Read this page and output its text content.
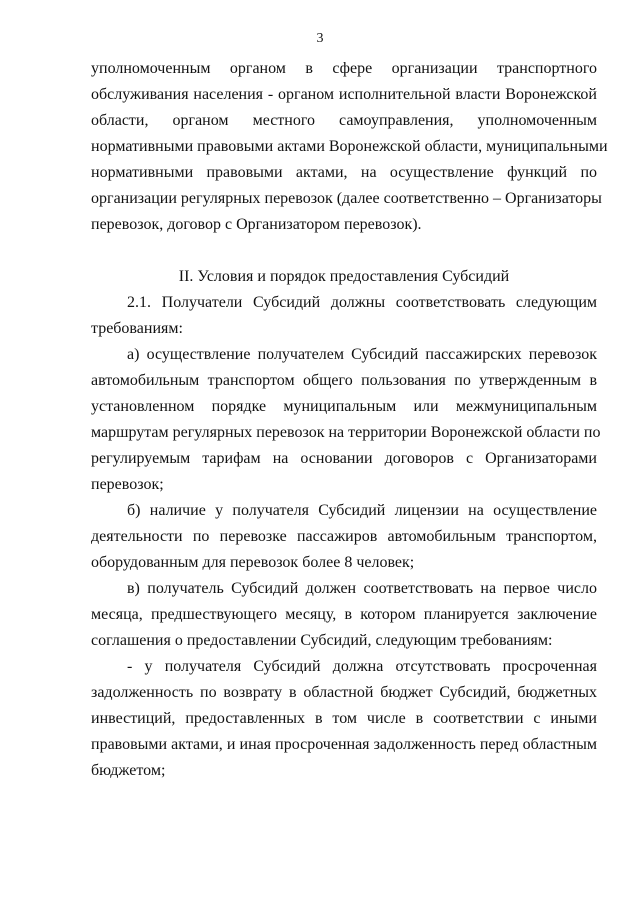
3
уполномоченным органом в сфере организации транспортного
обслуживания населения - органом исполнительной власти Воронежской
области, органом местного самоуправления, уполномоченным
нормативными правовыми актами Воронежской области, муниципальными
нормативными правовыми актами, на осуществление функций по
организации регулярных перевозок (далее соответственно – Организаторы
перевозок, договор с Организатором перевозок).
II. Условия и порядок предоставления Субсидий
2.1. Получатели Субсидий должны соответствовать следующим
требованиям:
а) осуществление получателем Субсидий пассажирских перевозок
автомобильным транспортом общего пользования по утвержденным в
установленном порядке муниципальным или межмуниципальным
маршрутам регулярных перевозок на территории Воронежской области по
регулируемым тарифам на основании договоров с Организаторами
перевозок;
б) наличие у получателя Субсидий лицензии на осуществление
деятельности по перевозке пассажиров автомобильным транспортом,
оборудованным для перевозок более 8 человек;
в) получатель Субсидий должен соответствовать на первое число
месяца, предшествующего месяцу, в котором планируется заключение
соглашения о предоставлении Субсидий, следующим требованиям:
- у получателя Субсидий должна отсутствовать просроченная
задолженность по возврату в областной бюджет Субсидий, бюджетных
инвестиций, предоставленных в том числе в соответствии с иными
правовыми актами, и иная просроченная задолженность перед областным
бюджетом;
